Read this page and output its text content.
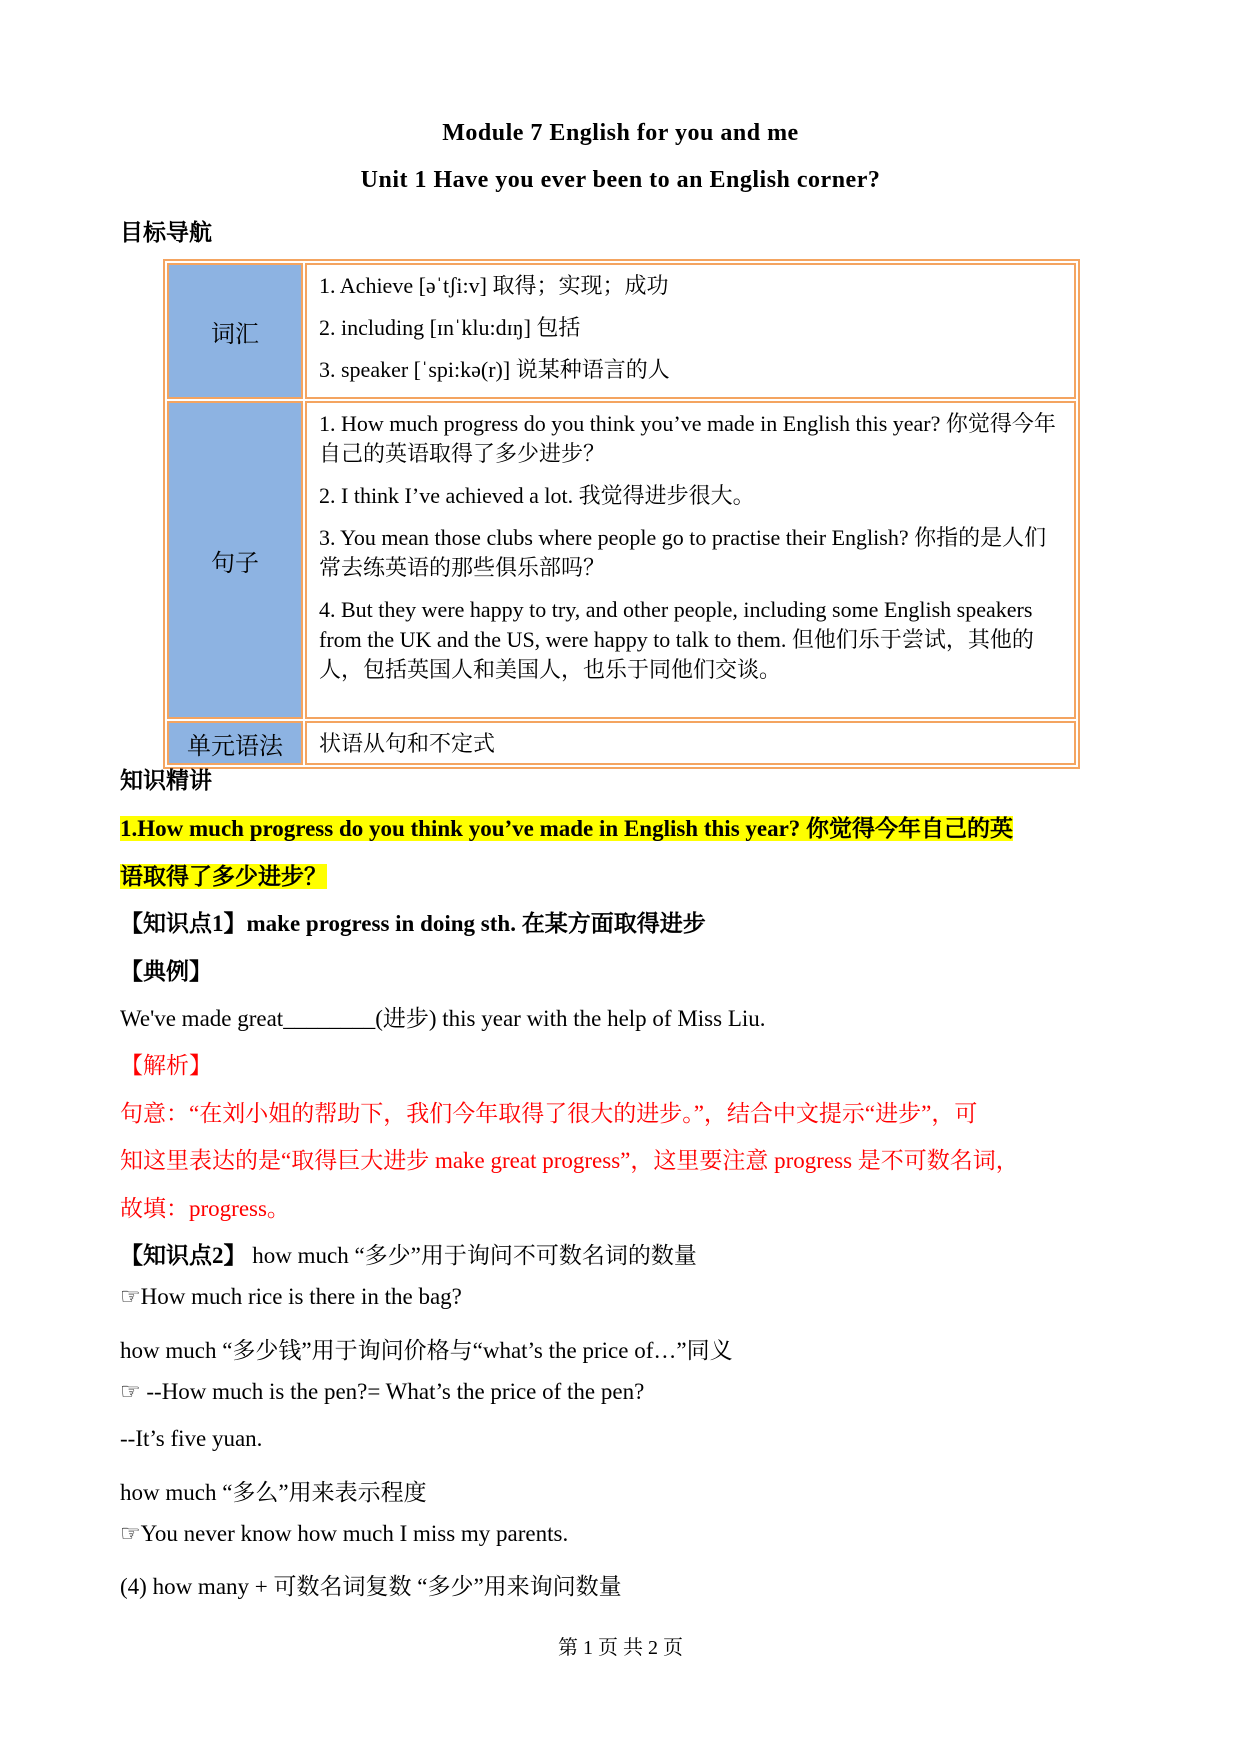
Module 7 English for you and me
Unit 1 Have you ever been to an English corner?
目标导航
词汇	1. Achieve [əˈtʃi:v] 取得；实现；成功

2. including [ɪnˈklu:dɪŋ] 包括

3. speaker [ˈspi:kə(r)] 说某种语言的人

句子	1. How much progress do you think you’ve made in English this year? 你觉得今年自己的英语取得了多少进步？

2. I think I’ve achieved a lot. 我觉得进步很大。

3. You mean those clubs where people go to practise their English? 你指的是人们常去练英语的那些俱乐部吗？

4. But they were happy to try, and other people, including some English speakers from the UK and the US, were happy to talk to them. 但他们乐于尝试，其他的人，包括英国人和美国人，也乐于同他们交谈。

单元语法	状语从句和不定式
知识精讲
1.How much progress do you think you’ve made in English this year? 你觉得今年自己的英
语取得了多少进步？
【知识点1】make progress in doing sth. 在某方面取得进步
【典例】
We've made great________(进步) this year with the help of Miss Liu.
【解析】
句意：“在刘小姐的帮助下，我们今年取得了很大的进步。”，结合中文提示“进步”，可
知这里表达的是“取得巨大进步 make great progress”，这里要注意 progress 是不可数名词，
故填：progress。
【知识点2】 how much “多少”用于询问不可数名词的数量
☞How much rice is there in the bag?
how much “多少钱”用于询问价格与“what’s the price of…”同义
☞ --How much is the pen?= What’s the price of the pen?
--It’s five yuan.
how much “多么”用来表示程度
☞You never know how much I miss my parents.
(4) how many + 可数名词复数 “多少”用来询问数量
第 1 页 共 2 页
